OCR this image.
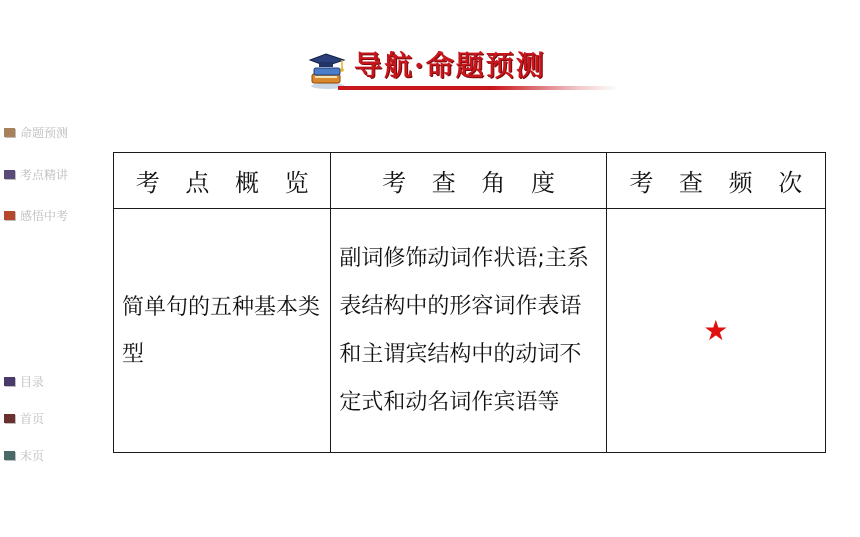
导航·命题预测
命题预测
考点精讲
感悟中考
目录
首页
末页
考 点 概 览	考 查 角 度	考 查 频 次

简单句的五种基本类型	副词修饰动词作状语;主系表结构中的形容词作表语和主谓宾结构中的动词不定式和动名词作宾语等	★
